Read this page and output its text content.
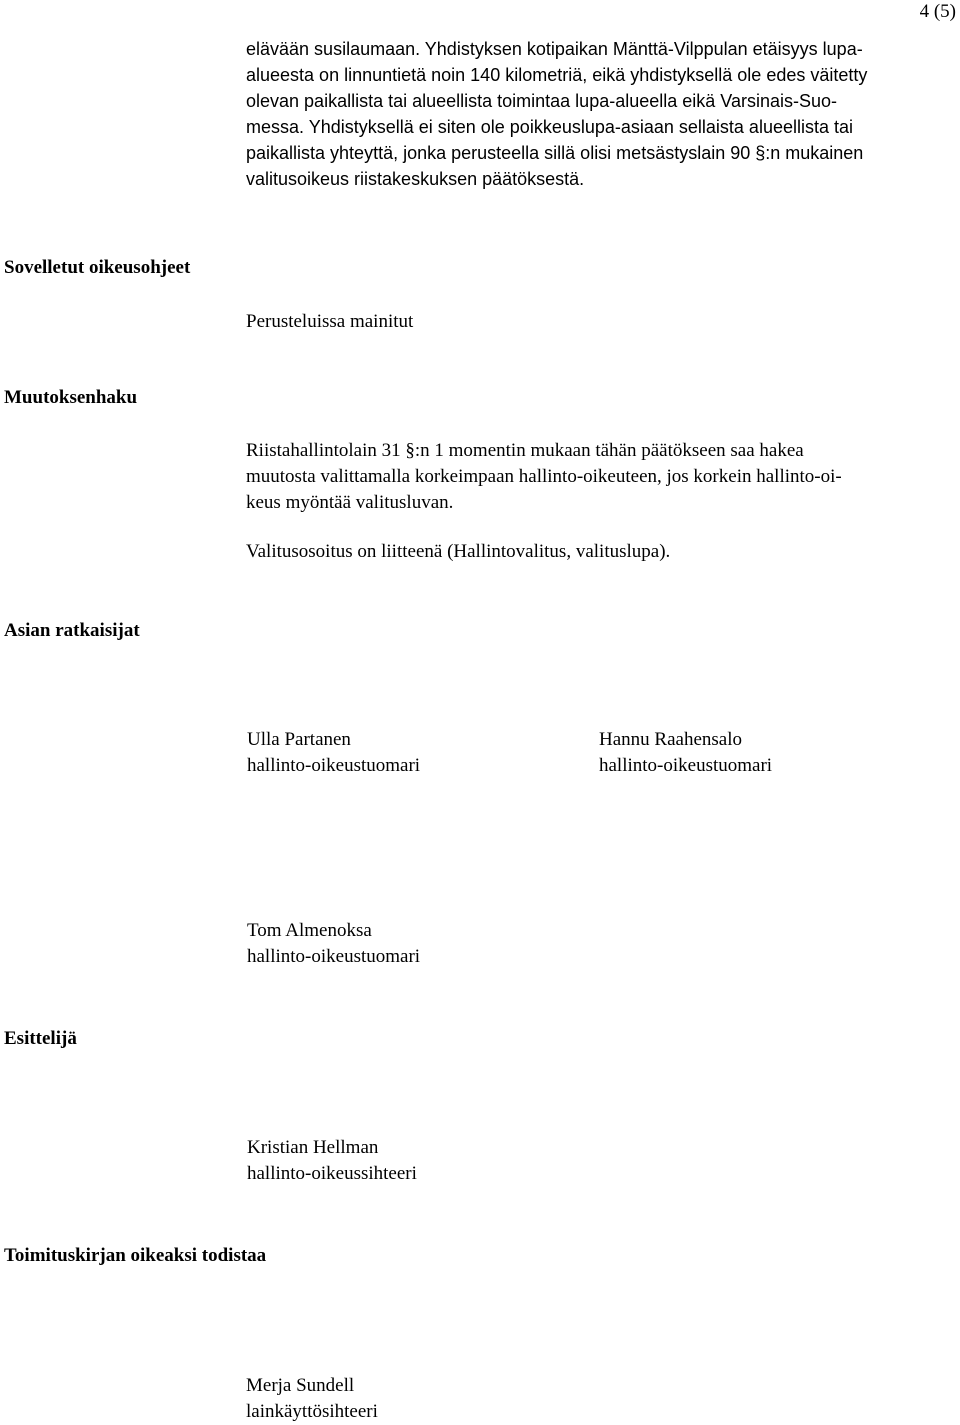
4 (5)

elävään susilaumaan. Yhdistyksen kotipaikan Mänttä-Vilppulan etäisyys lupa-
alueesta on linnuntietä noin 140 kilometriä, eikä yhdistyksellä ole edes väitetty
olevan paikallista tai alueellista toimintaa lupa-alueella eikä Varsinais-Suo-
messa. Yhdistyksellä ei siten ole poikkeuslupa-asiaan sellaista alueellista tai
paikallista yhteyttä, jonka perusteella sillä olisi metsästyslain 90 §:n mukainen
valitusoikeus riistakeskuksen päätöksestä.

Sovelletut oikeusohjeet

Perusteluissa mainitut

Muutoksenhaku

Riistahallintolain 31 §:n 1 momentin mukaan tähän päätökseen saa hakea
muutosta valittamalla korkeimpaan hallinto-oikeuteen, jos korkein hallinto-oi-
keus myöntää valitusluvan.

Valitusosoitus on liitteenä (Hallintovalitus, valituslupa).

Asian ratkaisijat
Ulla Partanen
hallinto-oikeustuomari
Hannu Raahensalo
hallinto-oikeustuomari
Tom Almenoksa
hallinto-oikeustuomari
Esittelijä
Kristian Hellman
hallinto-oikeussihteeri
Toimituskirjan oikeaksi todistaa
Merja Sundell
lainkäyttösihteeri
